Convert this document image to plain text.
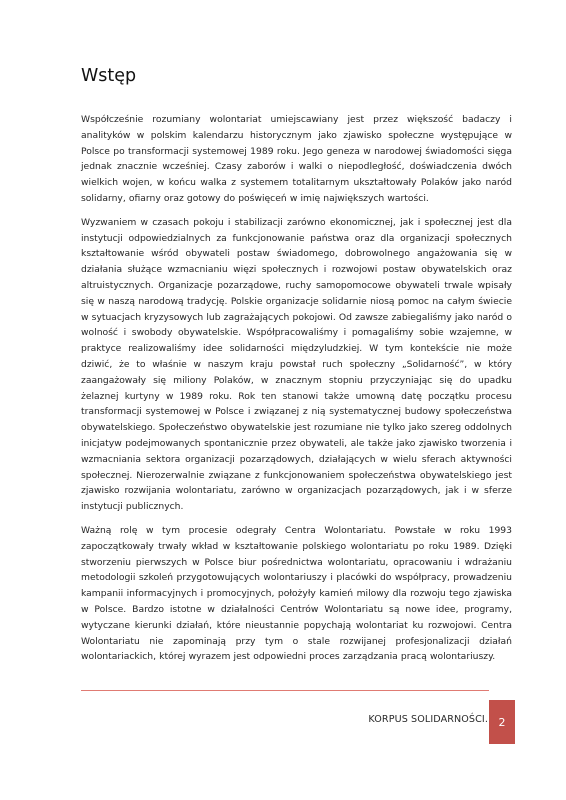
Wstęp

Współcześnie rozumiany wolontariat umiejscawiany jest przez większość badaczy i analityków w polskim kalendarzu historycznym jako zjawisko społeczne występujące w Polsce po transformacji systemowej 1989 roku. Jego geneza w narodowej świadomości sięga jednak znacznie wcześniej. Czasy zaborów i walki o niepodległość, doświadczenia dwóch wielkich wojen, w końcu walka z systemem totalitarnym ukształtowały Polaków jako naród solidarny, ofiarny oraz gotowy do poświęceń w imię największych wartości.

Wyzwaniem w czasach pokoju i stabilizacji zarówno ekonomicznej, jak i społecznej jest dla instytucji odpowiedzialnych za funkcjonowanie państwa oraz dla organizacji społecznych kształtowanie wśród obywateli postaw świadomego, dobrowolnego angażowania się w działania służące wzmacnianiu więzi społecznych i rozwojowi postaw obywatelskich oraz altruistycznych. Organizacje pozarządowe, ruchy samopomocowe obywateli trwale wpisały się w naszą narodową tradycję. Polskie organizacje solidarnie niosą pomoc na całym świecie w sytuacjach kryzysowych lub zagrażających pokojowi. Od zawsze zabiegaliśmy jako naród o wolność i swobody obywatelskie. Współpracowaliśmy i pomagaliśmy sobie wzajemne, w praktyce realizowaliśmy idee solidarności międzyludzkiej. W tym kontekście nie może dziwić, że to właśnie w naszym kraju powstał ruch społeczny „Solidarność”, w który zaangażowały się miliony Polaków, w znacznym stopniu przyczyniając się do upadku żelaznej kurtyny w 1989 roku. Rok ten stanowi także umowną datę początku procesu transformacji systemowej w Polsce i związanej z nią systematycznej budowy społeczeństwa obywatelskiego. Społeczeństwo obywatelskie jest rozumiane nie tylko jako szereg oddolnych inicjatyw podejmowanych spontanicznie przez obywateli, ale także jako zjawisko tworzenia i wzmacniania sektora organizacji pozarządowych, działających w wielu sferach aktywności społecznej. Nierozerwalnie związane z funkcjonowaniem społeczeństwa obywatelskiego jest zjawisko rozwijania wolontariatu, zarówno w organizacjach pozarządowych, jak i w sferze instytucji publicznych.

Ważną rolę w tym procesie odegrały Centra Wolontariatu. Powstałe w roku 1993 zapoczątkowały trwały wkład w kształtowanie polskiego wolontariatu po roku 1989. Dzięki stworzeniu pierwszych w Polsce biur pośrednictwa wolontariatu, opracowaniu i wdrażaniu metodologii szkoleń przygotowujących wolontariuszy i placówki do współpracy, prowadzeniu kampanii informacyjnych i promocyjnych, położyły kamień milowy dla rozwoju tego zjawiska w Polsce. Bardzo istotne w działalności Centrów Wolontariatu są nowe idee, programy, wytyczane kierunki działań, które nieustannie popychają wolontariat ku rozwojowi. Centra Wolontariatu nie zapominają przy tym o stale rozwijanej profesjonalizacji działań wolontariackich, której wyrazem jest odpowiedni proces zarządzania pracą wolontariuszy.

KORPUS SOLIDARNOŚCI. 2
